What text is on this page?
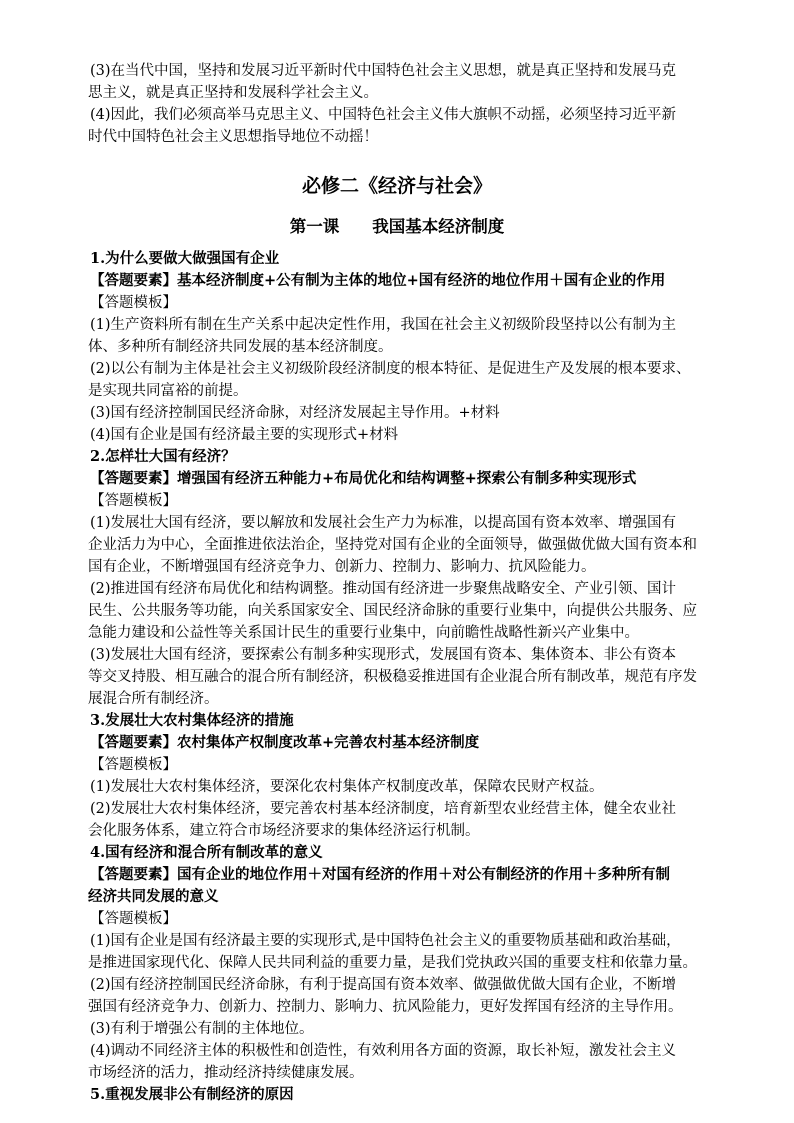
(3)在当代中国，坚持和发展习近平新时代中国特色社会主义思想，就是真正坚持和发展马克
思主义，就是真正坚持和发展科学社会主义。
(4)因此，我们必须高举马克思主义、中国特色社会主义伟大旗帜不动摇，必须坚持习近平新
时代中国特色社会主义思想指导地位不动摇！
必修二《经济与社会》
第一课　　我国基本经济制度
1.为什么要做大做强国有企业
【答题要素】基本经济制度+公有制为主体的地位+国有经济的地位作用＋国有企业的作用
【答题模板】
(1)生产资料所有制在生产关系中起决定性作用，我国在社会主义初级阶段坚持以公有制为主
体、多种所有制经济共同发展的基本经济制度。
(2)以公有制为主体是社会主义初级阶段经济制度的根本特征、是促进生产及发展的根本要求、
是实现共同富裕的前提。
(3)国有经济控制国民经济命脉，对经济发展起主导作用。+材料
(4)国有企业是国有经济最主要的实现形式+材料
2.怎样壮大国有经济？
【答题要素】增强国有经济五种能力+布局优化和结构调整+探索公有制多种实现形式
【答题模板】
(1)发展壮大国有经济，要以解放和发展社会生产力为标准，以提高国有资本效率、增强国有
企业活力为中心，全面推进依法治企，坚持党对国有企业的全面领导，做强做优做大国有资本和
国有企业，不断增强国有经济竞争力、创新力、控制力、影响力、抗风险能力。
(2)推进国有经济布局优化和结构调整。推动国有经济进一步聚焦战略安全、产业引领、国计
民生、公共服务等功能，向关系国家安全、国民经济命脉的重要行业集中，向提供公共服务、应
急能力建设和公益性等关系国计民生的重要行业集中，向前瞻性战略性新兴产业集中。
(3)发展壮大国有经济，要探索公有制多种实现形式，发展国有资本、集体资本、非公有资本
等交叉持股、相互融合的混合所有制经济，积极稳妥推进国有企业混合所有制改革，规范有序发
展混合所有制经济。
3.发展壮大农村集体经济的措施
【答题要素】农村集体产权制度改革+完善农村基本经济制度
【答题模板】
(1)发展壮大农村集体经济，要深化农村集体产权制度改革，保障农民财产权益。
(2)发展壮大农村集体经济，要完善农村基本经济制度，培育新型农业经营主体，健全农业社
会化服务体系，建立符合市场经济要求的集体经济运行机制。
4.国有经济和混合所有制改革的意义
【答题要素】国有企业的地位作用＋对国有经济的作用＋对公有制经济的作用＋多种所有制
经济共同发展的意义
【答题模板】
(1)国有企业是国有经济最主要的实现形式,是中国特色社会主义的重要物质基础和政治基础，
是推进国家现代化、保障人民共同利益的重要力量，是我们党执政兴国的重要支柱和依靠力量。
(2)国有经济控制国民经济命脉，有利于提高国有资本效率、做强做优做大国有企业，不断增
强国有经济竞争力、创新力、控制力、影响力、抗风险能力，更好发挥国有经济的主导作用。
(3)有利于增强公有制的主体地位。
(4)调动不同经济主体的积极性和创造性，有效利用各方面的资源，取长补短，激发社会主义
市场经济的活力，推动经济持续健康发展。
5.重视发展非公有制经济的原因
